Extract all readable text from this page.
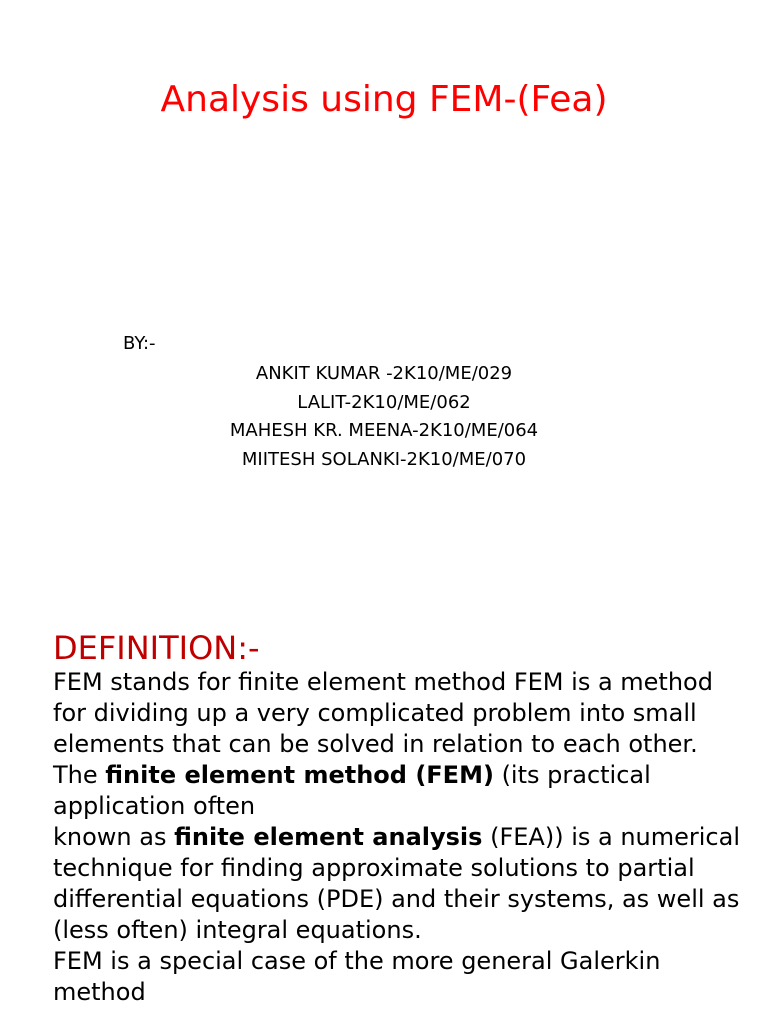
Analysis using FEM-(Fea)
BY:-
ANKIT KUMAR -2K10/ME/029
LALIT-2K10/ME/062
MAHESH KR. MEENA-2K10/ME/064
MIITESH SOLANKI-2K10/ME/070
DEFINITION:-
FEM stands for finite element method FEM is a method for dividing up a very complicated problem into small elements that can be solved in relation to each other.
The finite element method (FEM) (its practical application often
known as finite element analysis (FEA)) is a numerical technique for finding approximate solutions to partial
differential equations (PDE) and their systems, as well as (less often) integral equations.
FEM is a special case of the more general Galerkin method
